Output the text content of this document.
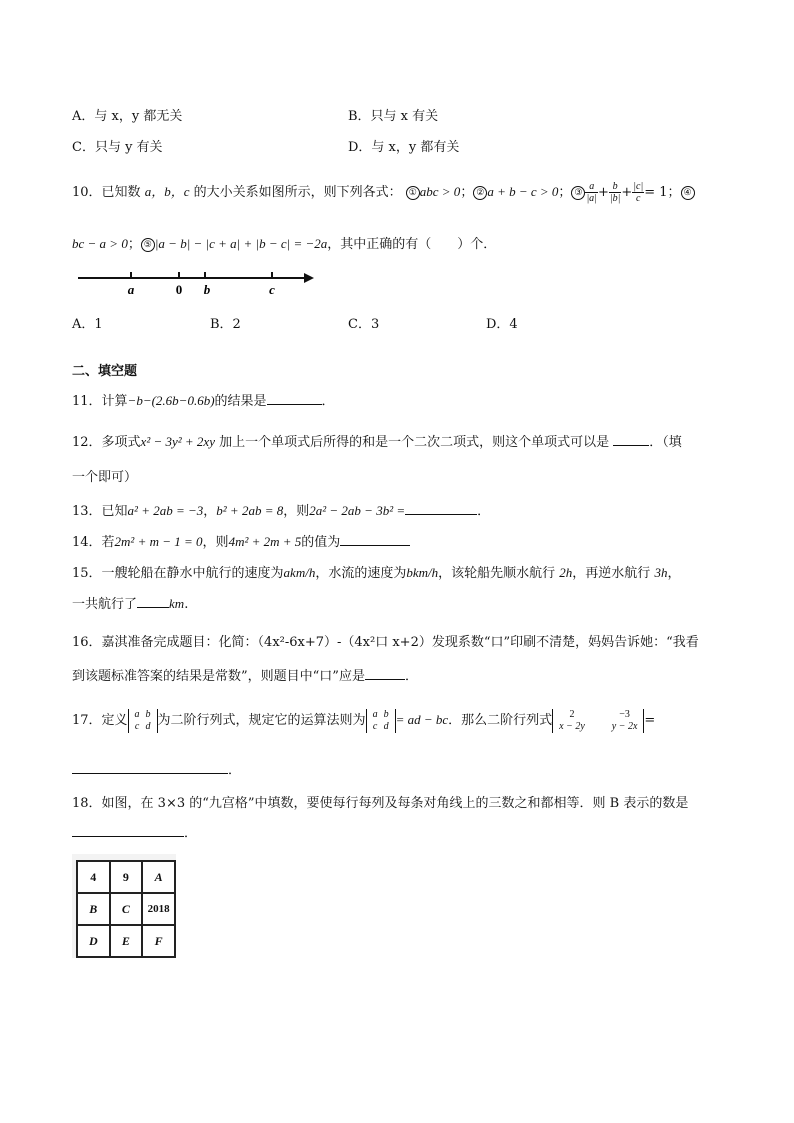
A．与 x，y 都无关	B．只与 x 有关
C．只与 y 有关	D．与 x，y 都有关
10．已知数 a，b，c 的大小关系如图所示，则下列各式： ① abc > 0； ② a + b − c > 0； ③ $\frac{a}{|a|} + \frac{b}{|b|} + \frac{|c|}{c} = 1$； ④
bc − a > 0； ⑤ |a − b| − |c + a| + |b − c| = −2a，其中正确的有（　　）个．
a	0 b	c
A．1	B．2	C．3	D．4
二、填空题
11．计算−b−(2.6b−0.6b)的结果是	．
12．多项式x² − 3y² + 2xy 加上一个单项式后所得的和是一个二次二项式，则这个单项式可以是	．（填
一个即可）
13．已知a² + 2ab = −3，b² + 2ab = 8，则2a² − 2ab − 3b² =	．
14．若2m² + m − 1 = 0，则4m² + 2m + 5的值为
15．一艘轮船在静水中航行的速度为akm/h，水流的速度为bkm/h，该轮船先顺水航行 2h，再逆水航行 3h，
一共航行了 km.
16．嘉淇准备完成题目：化简：（4x²-6x+7）-（4x²口 x+2）发现系数“口”印刷不清楚，妈妈告诉她：“我看
到该题标准答案的结果是常数”，则题目中“口”应是	．
17．定义 a	b
c	d 为二阶行列式，规定它的运算法则为 a	b
c	d = ad − bc．那么二阶行列式 2	−3
x − 2y	y − 2x =
．
18．如图，在 3×3 的“九宫格”中填数，要使每行每列及每条对角线上的三数之和都相等．则 B 表示的数是
．
4	9	A
B	C	2018
D	E	F
